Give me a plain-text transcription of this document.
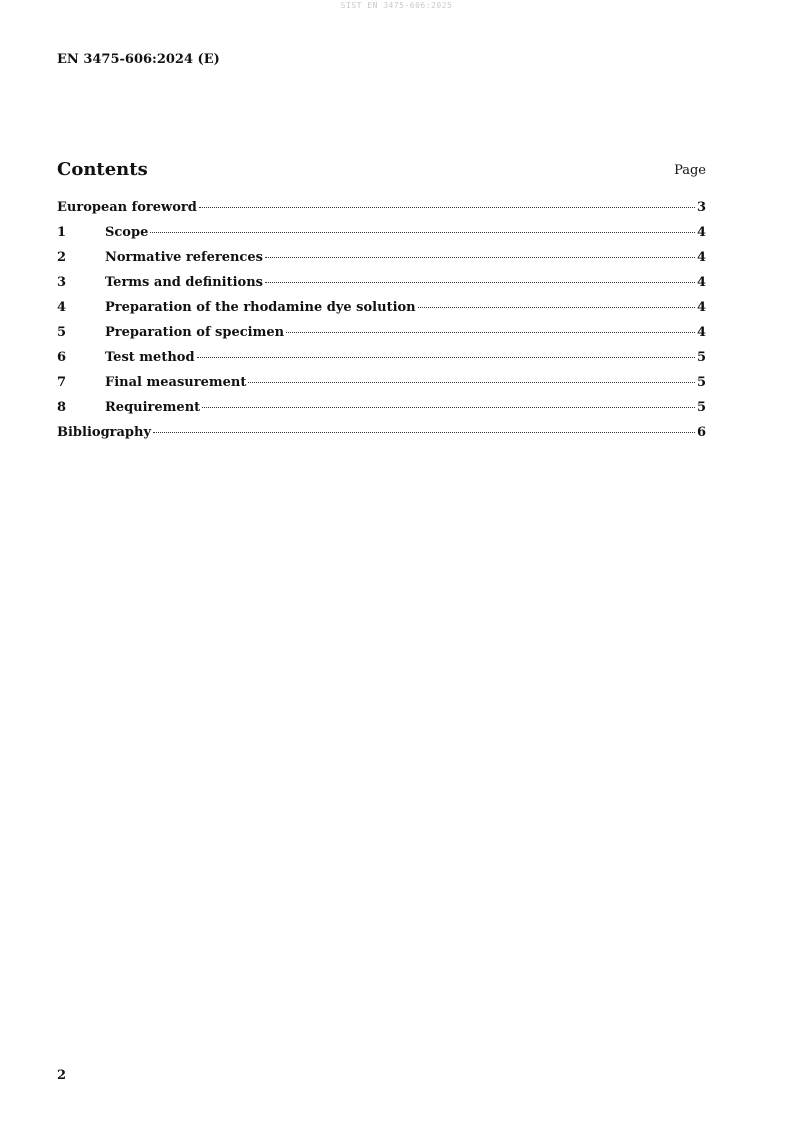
SIST EN 3475-606:2025
EN 3475-606:2024 (E)
Contents	Page
European foreword	3
1	Scope	4
2	Normative references	4
3	Terms and definitions	4
4	Preparation of the rhodamine dye solution	4
5	Preparation of specimen	4
6	Test method	5
7	Final measurement	5
8	Requirement	5
Bibliography	6
2
